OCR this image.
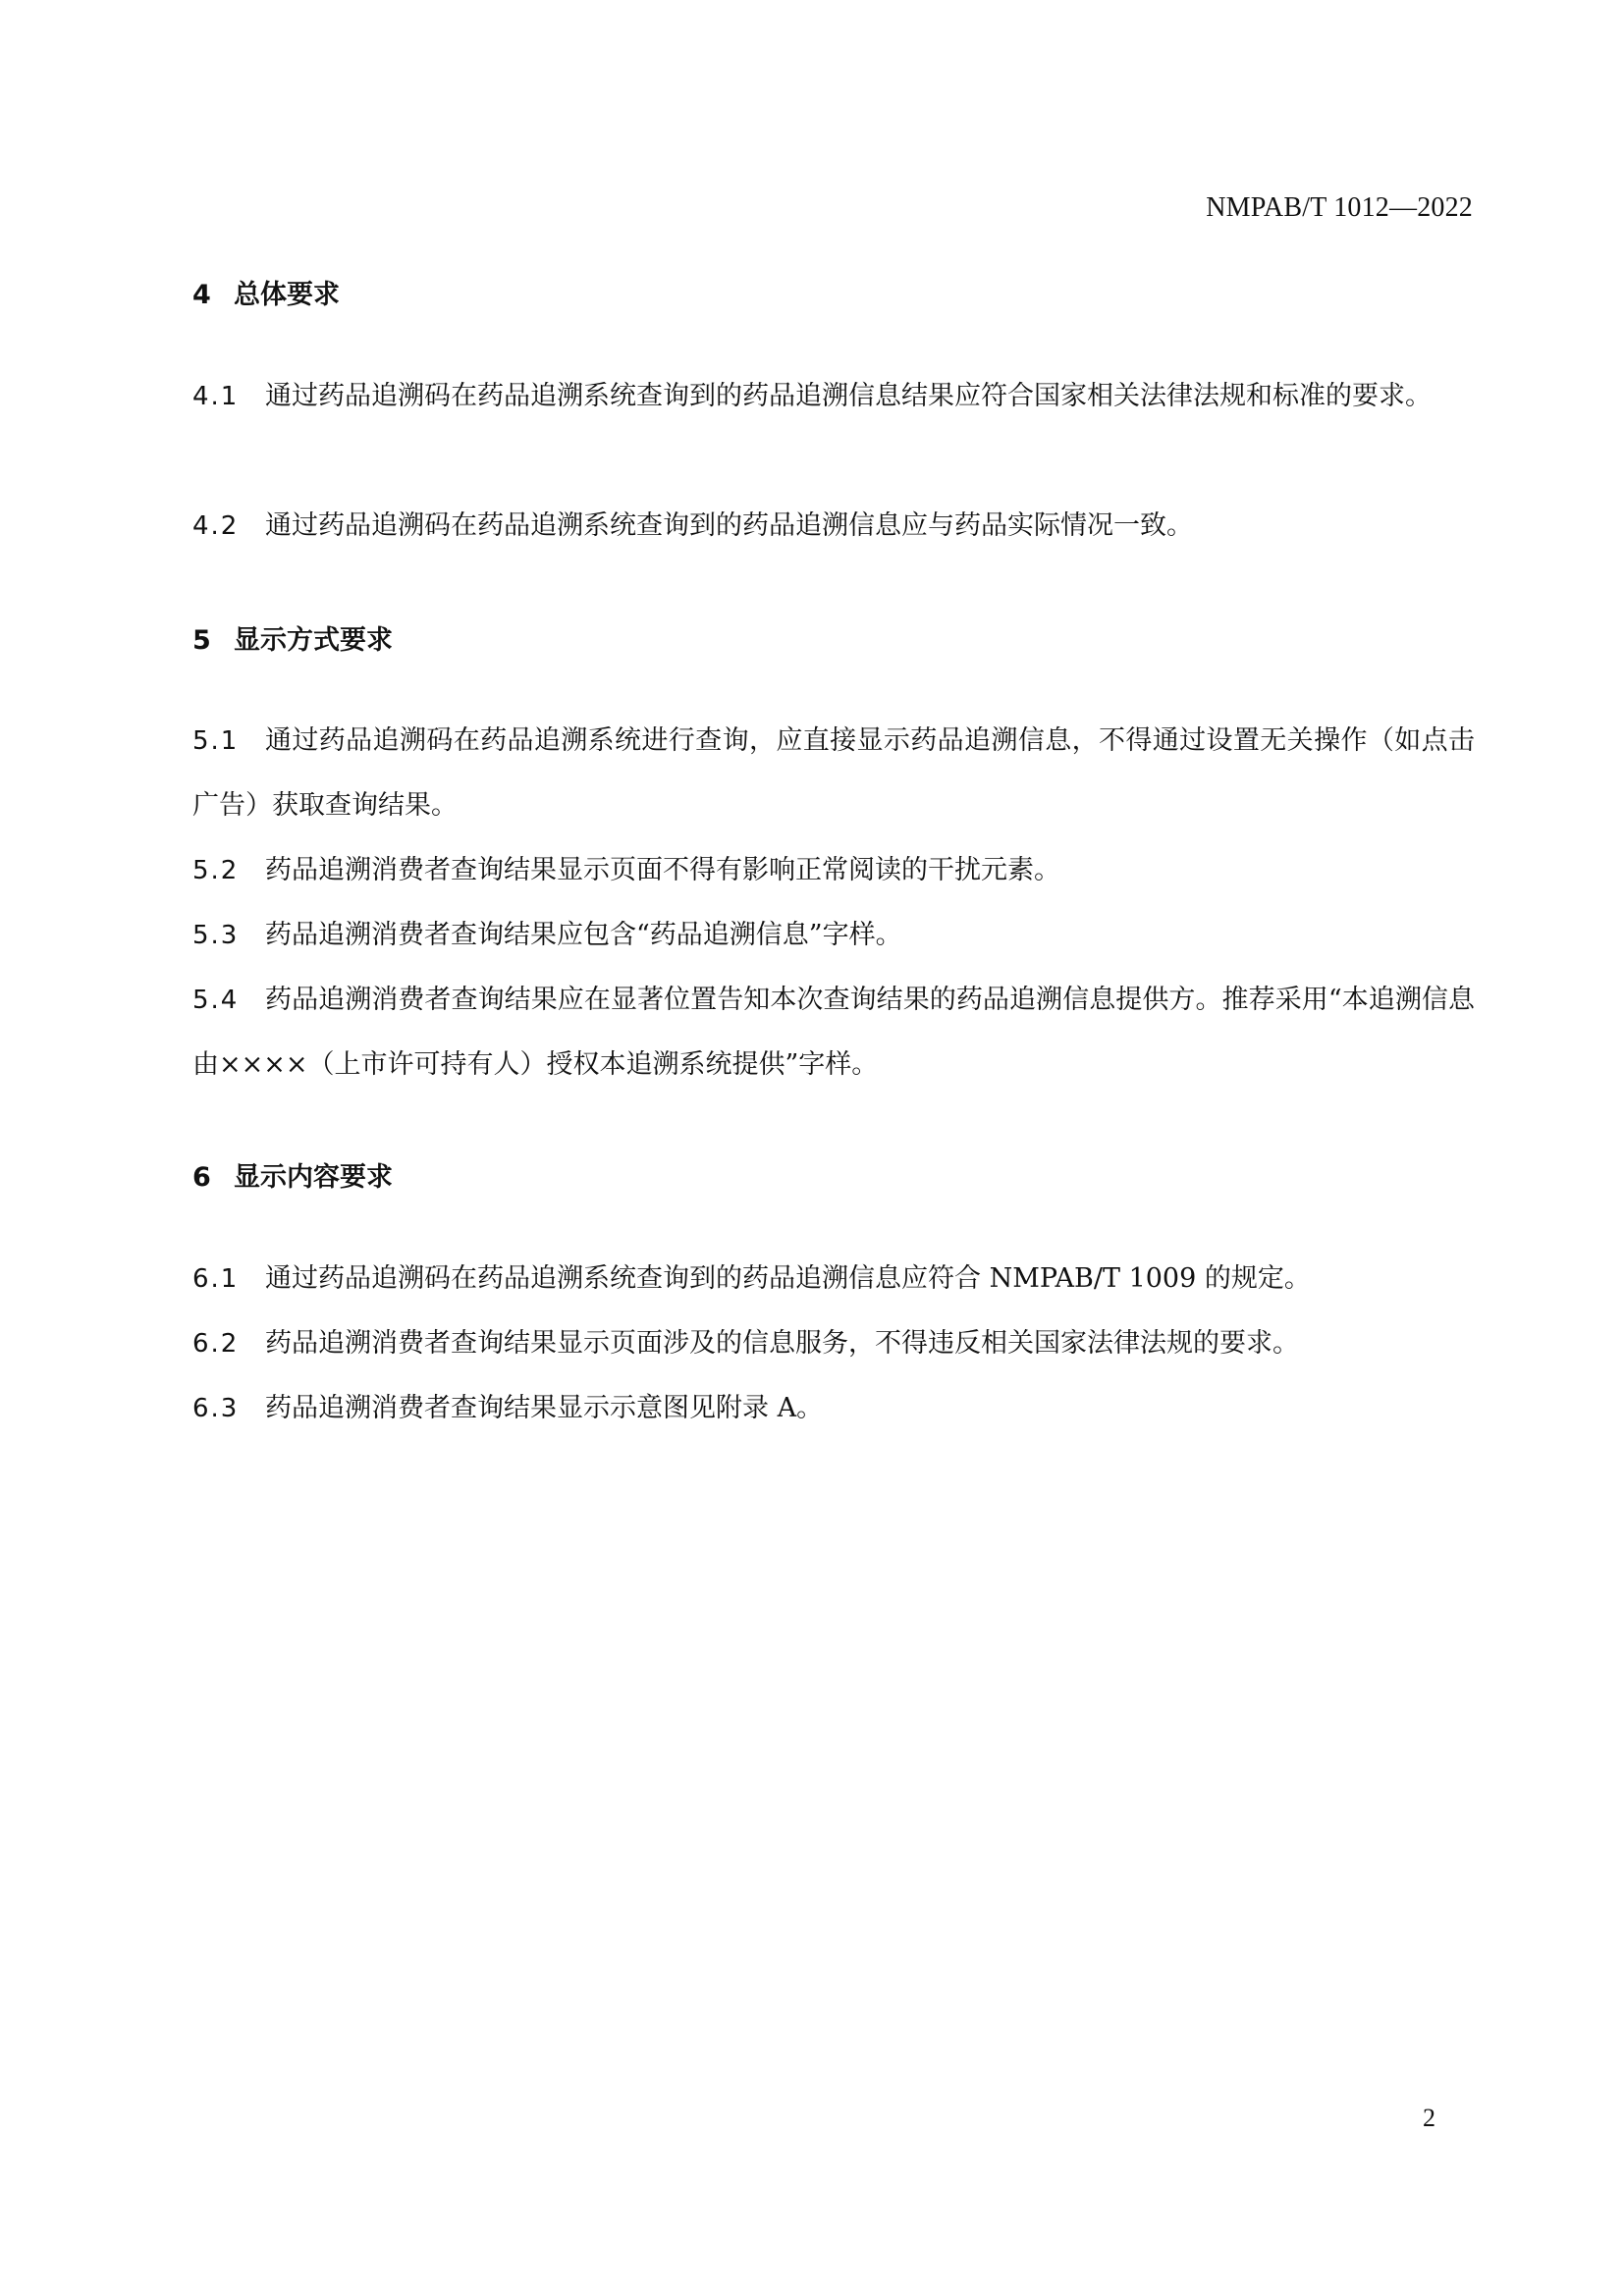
NMPAB/T 1012—2022
4 总体要求
4.1 通过药品追溯码在药品追溯系统查询到的药品追溯信息结果应符合国家相关法律法规和标准的要求。
4.2 通过药品追溯码在药品追溯系统查询到的药品追溯信息应与药品实际情况一致。
5 显示方式要求
5.1 通过药品追溯码在药品追溯系统进行查询，应直接显示药品追溯信息，不得通过设置无关操作（如点击广告）获取查询结果。
5.2 药品追溯消费者查询结果显示页面不得有影响正常阅读的干扰元素。
5.3 药品追溯消费者查询结果应包含“药品追溯信息”字样。
5.4 药品追溯消费者查询结果应在显著位置告知本次查询结果的药品追溯信息提供方。推荐采用“本追溯信息由××××（上市许可持有人）授权本追溯系统提供”字样。
6 显示内容要求
6.1 通过药品追溯码在药品追溯系统查询到的药品追溯信息应符合 NMPAB/T 1009 的规定。
6.2 药品追溯消费者查询结果显示页面涉及的信息服务，不得违反相关国家法律法规的要求。
6.3 药品追溯消费者查询结果显示示意图见附录 A。
2
